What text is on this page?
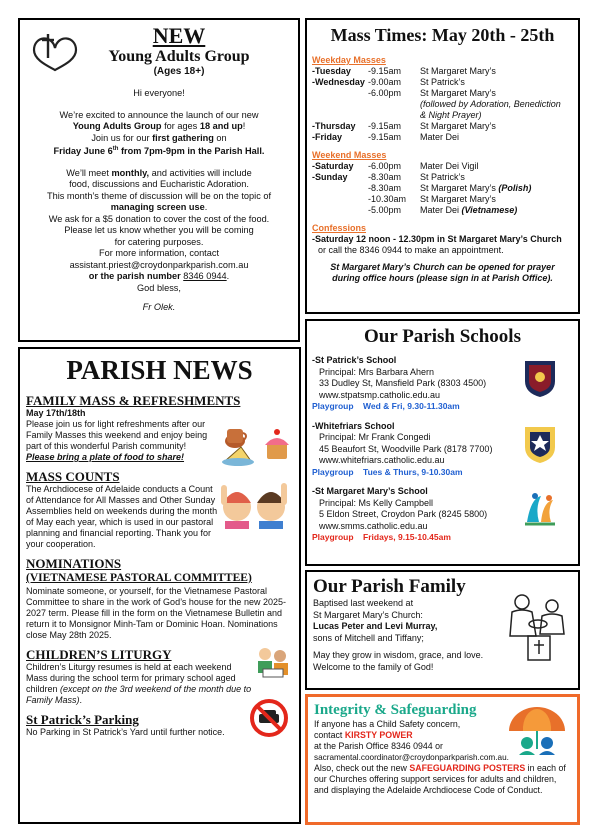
NEW
Young Adults Group
(Ages 18+)
Hi everyone!
We’re excited to announce the launch of our new
Young Adults Group for ages 18 and up!
Join us for our first gathering on
Friday June 6th from 7pm-9pm in the Parish Hall.
We’ll meet monthly, and activities will include
food, discussions and Eucharistic Adoration.
This month’s theme of discussion will be on the topic of
managing screen use.
We ask for a $5 donation to cover the cost of the food.
Please let us know whether you will be coming
for catering purposes.
For more information, contact
assistant.priest@croydonparkparish.com.au
or the parish number 8346 0944.
God bless,
Fr Olek.
Mass Times: May 20th - 25th
Weekday Masses
-Tuesday	-9.15am	St Margaret Mary’s
-Wednesday -9.00am	St Patrick’s
-6.00pm	St Margaret Mary’s
(followed by Adoration, Benediction
& Night Prayer)
-Thursday	-9.15am	St Margaret Mary’s
-Friday	-9.15am	Mater Dei
Weekend Masses
-Saturday	-6.00pm	Mater Dei Vigil
-Sunday	-8.30am	St Patrick’s
-8.30am	St Margaret Mary’s (Polish)
-10.30am	St Margaret Mary’s
-5.00pm	Mater Dei (Vietnamese)
Confessions
-Saturday 12 noon - 12.30pm in St Margaret Mary’s Church
or call the 8346 0944 to make an appointment.
St Margaret Mary’s Church can be opened for prayer during office hours (please sign in at Parish Office).
PARISH NEWS
FAMILY MASS & REFRESHMENTS
May 17th/18th
Please join us for light refreshments after our Family Masses this weekend and enjoy being part of this wonderful Parish community!
Please bring a plate of food to share!
MASS COUNTS
The Archdiocese of Adelaide conducts a Count of Attendance for All Masses and Other Sunday Assemblies held on weekends during the month of May each year, which is used in our pastoral planning and financial reporting. Thank you for your cooperation.
NOMINATIONS
(VIETNAMESE PASTORAL COMMITTEE)
Nominate someone, or yourself, for the Vietnamese Pastoral Committee to share in the work of God’s house for the new 2025-2027 term. Please fill in the form on the Vietnamese Bulletin and return it to Monsignor Minh-Tam or Dominic Hoan. Nominations close May 28th 2025.
CHILDREN’S LITURGY
Children’s Liturgy resumes is held at each weekend Mass during the school term for primary school aged children (except on the 3rd weekend of the month due to Family Mass).
St Patrick’s Parking
No Parking in St Patrick’s Yard until further notice.
Our Parish Schools
-St Patrick’s School
Principal: Mrs Barbara Ahern
33 Dudley St, Mansfield Park (8303 4500)
www.stpatsmp.catholic.edu.au
Playgroup Wed & Fri, 9.30-11.30am
-Whitefriars School
Principal: Mr Frank Congedi
45 Beaufort St, Woodville Park (8178 7700)
www.whitefriars.catholic.edu.au
Playgroup Tues & Thurs, 9-10.30am
-St Margaret Mary’s School
Principal: Ms Kelly Campbell
5 Eldon Street, Croydon Park (8245 5800)
www.smms.catholic.edu.au
Playgroup Fridays, 9.15-10.45am
Our Parish Family
Baptised last weekend at
St Margaret Mary’s Church:
Lucas Peter and Levi Murray,
sons of Mitchell and Tiffany;
May they grow in wisdom, grace, and love.
Welcome to the family of God!
Integrity & Safeguarding
If anyone has a Child Safety concern,
contact KIRSTY POWER
at the Parish Office 8346 0944 or
sacramental.coordinator@croydonparkparish.com.au.
Also, check out the new SAFEGUARDING POSTERS in each of our Churches offering support services for adults and children, and displaying the Adelaide Archdiocese Code of Conduct.
